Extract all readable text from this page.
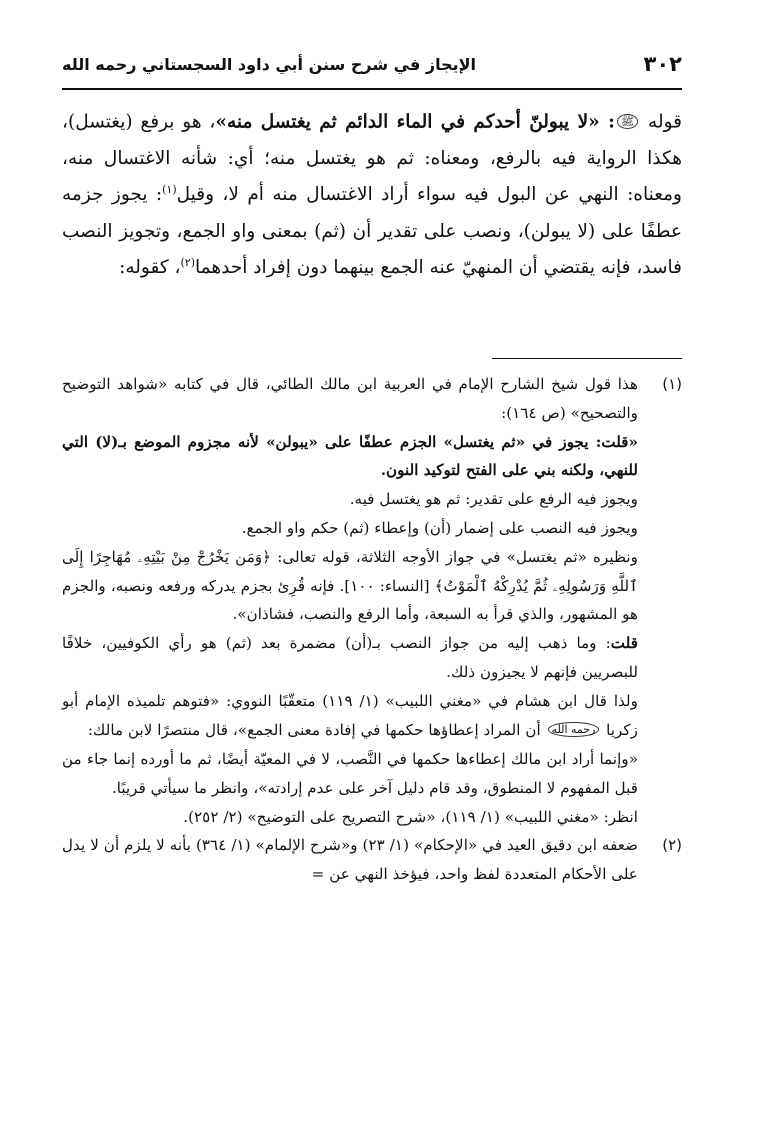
٣٠٢
الإيجاز في شرح سنن أبي داود السجستاني رحمه الله

قوله ﷺ: «لا يبولنّ أحدكم في الماء الدائم ثم يغتسل منه»، هو برفع (يغتسل)، هكذا الرواية فيه بالرفع، ومعناه: ثم هو يغتسل منه؛ أي: شأنه الاغتسال منه، ومعناه: النهي عن البول فيه سواء أراد الاغتسال منه أم لا، وقيل$^{(١)}$: يجوز جزمه عطفًا على (لا يبولن)، ونصب على تقدير أن (ثم) بمعنى واو الجمع، وتجويز النصب فاسد، فإنه يقتضي أن المنهيّ عنه الجمع بينهما دون إفراد أحدهما$^{(٢)}$، كقوله:

(١)
هذا قول شيخ الشارح الإمام في العربية ابن مالك الطائي، قال في كتابه «شواهد التوضيح والتصحيح» (ص ١٦٤):
«قلت: يجوز في «ثم يغتسل» الجزم عطفًا على «يبولن» لأنه مجزوم الموضع بـ(لا) التي للنهي، ولكنه بني على الفتح لتوكيد النون.
ويجوز فيه الرفع على تقدير: ثم هو يغتسل فيه.
ويجوز فيه النصب على إضمار (أن) وإعطاء (ثم) حكم واو الجمع.
ونظيره «ثم يغتسل» في جواز الأوجه الثلاثة، قوله تعالى: ﴿وَمَن يَخْرُجْ مِنْ بَيْتِهِۦ مُهَاجِرًا إِلَى ٱللَّهِ وَرَسُولِهِۦ ثُمَّ يُدْرِكْهُ ٱلْمَوْتُ﴾ [النساء: ١٠٠]. فإنه قُرِئ بجزم يدركه ورفعه ونصبه، والجزم هو المشهور، والذي قرأ به السبعة، وأما الرفع والنصب، فشاذان».
قلت: وما ذهب إليه من جواز النصب بـ(أن) مضمرة بعد (ثم) هو رأي الكوفيين، خلافًا للبصريين فإنهم لا يجيزون ذلك.
ولذا قال ابن هشام في «مغني اللبيب» (١/ ١١٩) متعقّبًا النووي: «فتوهم تلميذه الإمام أبو زكريا رحمه الله أن المراد إعطاؤها حكمها في إفادة معنى الجمع»، قال منتصرًا لابن مالك:
«وإنما أراد ابن مالك إعطاءها حكمها في النَّصب، لا في المعيّة أيضًا، ثم ما أورده إنما جاء من قبل المفهوم لا المنطوق، وقد قام دليل آخر على عدم إرادته»، وانظر ما سيأتي قريبًا.
انظر: «مغني اللبيب» (١/ ١١٩)، «شرح التصريح على التوضيح» (٢/ ٢٥٢).
(٢)
ضعفه ابن دقيق العيد في «الإحكام» (١/ ٢٣) و«شرح الإلمام» (١/ ٣٦٤) بأنه لا يلزم أن لا يدل على الأحكام المتعددة لفظ واحد، فيؤخذ النهي عن =
